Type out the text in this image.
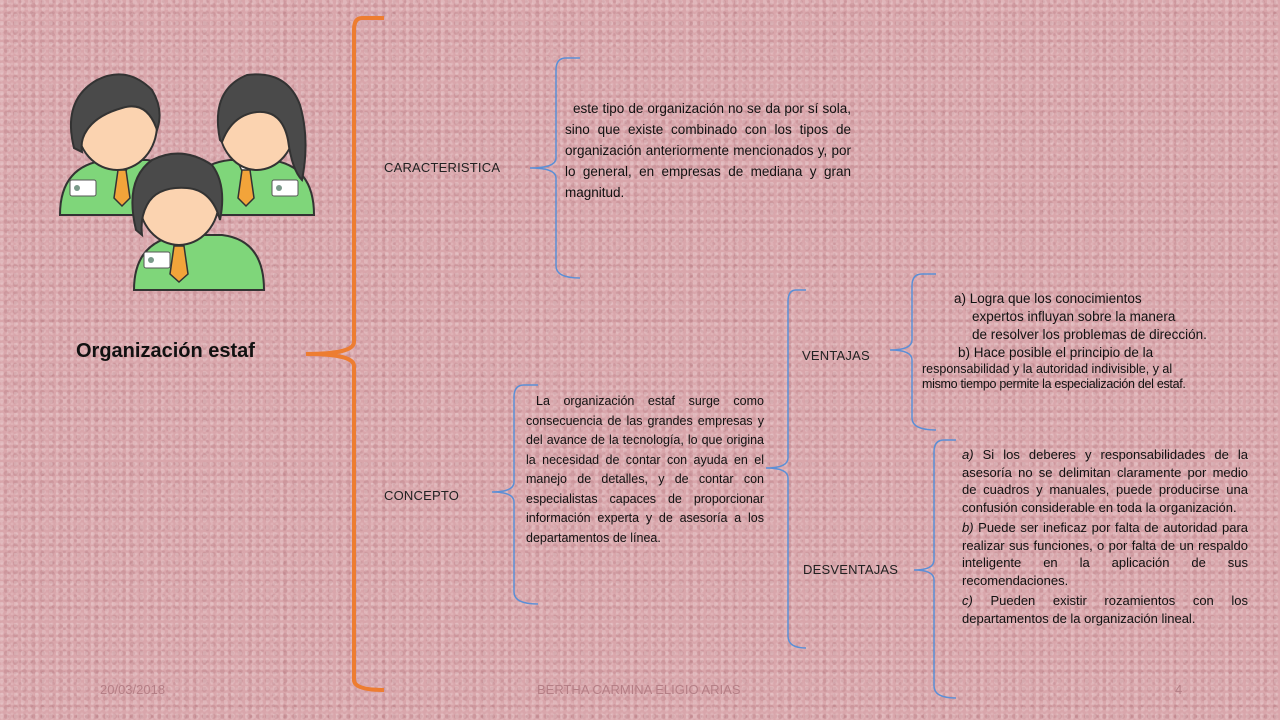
Organización estaf
CARACTERISTICA
este tipo de organización no se da por sí sola, sino que existe combinado con los tipos de organización anteriormente mencionados y, por lo general, en empresas de mediana y gran magnitud.
CONCEPTO
La organización estaf surge como consecuencia de las grandes empresas y del avance de la tecnología, lo que origina la necesidad de contar con ayuda en el manejo de detalles, y de contar con especialistas capaces de proporcionar información experta y de asesoría a los departamentos de línea.
VENTAJAS
a) Logra que los conocimientos
expertos influyan sobre la manera
de resolver los problemas de dirección.
b) Hace posible el principio de la
responsabilidad y la autoridad indivisible, y al
mismo tiempo permite la especialización del estaf.
DESVENTAJAS

a) Si los deberes y responsabilidades de la asesoría no se delimitan claramente por medio de cuadros y manuales, puede producirse una confusión considerable en toda la organización.

b) Puede ser ineficaz por falta de autoridad para realizar sus funciones, o por falta de un respaldo inteligente en la aplicación de sus recomendaciones.

c) Pueden existir rozamientos con los departamentos de la organización lineal.

20/03/2018	BERTHA CARMINA ELIGIO ARIAS	4
